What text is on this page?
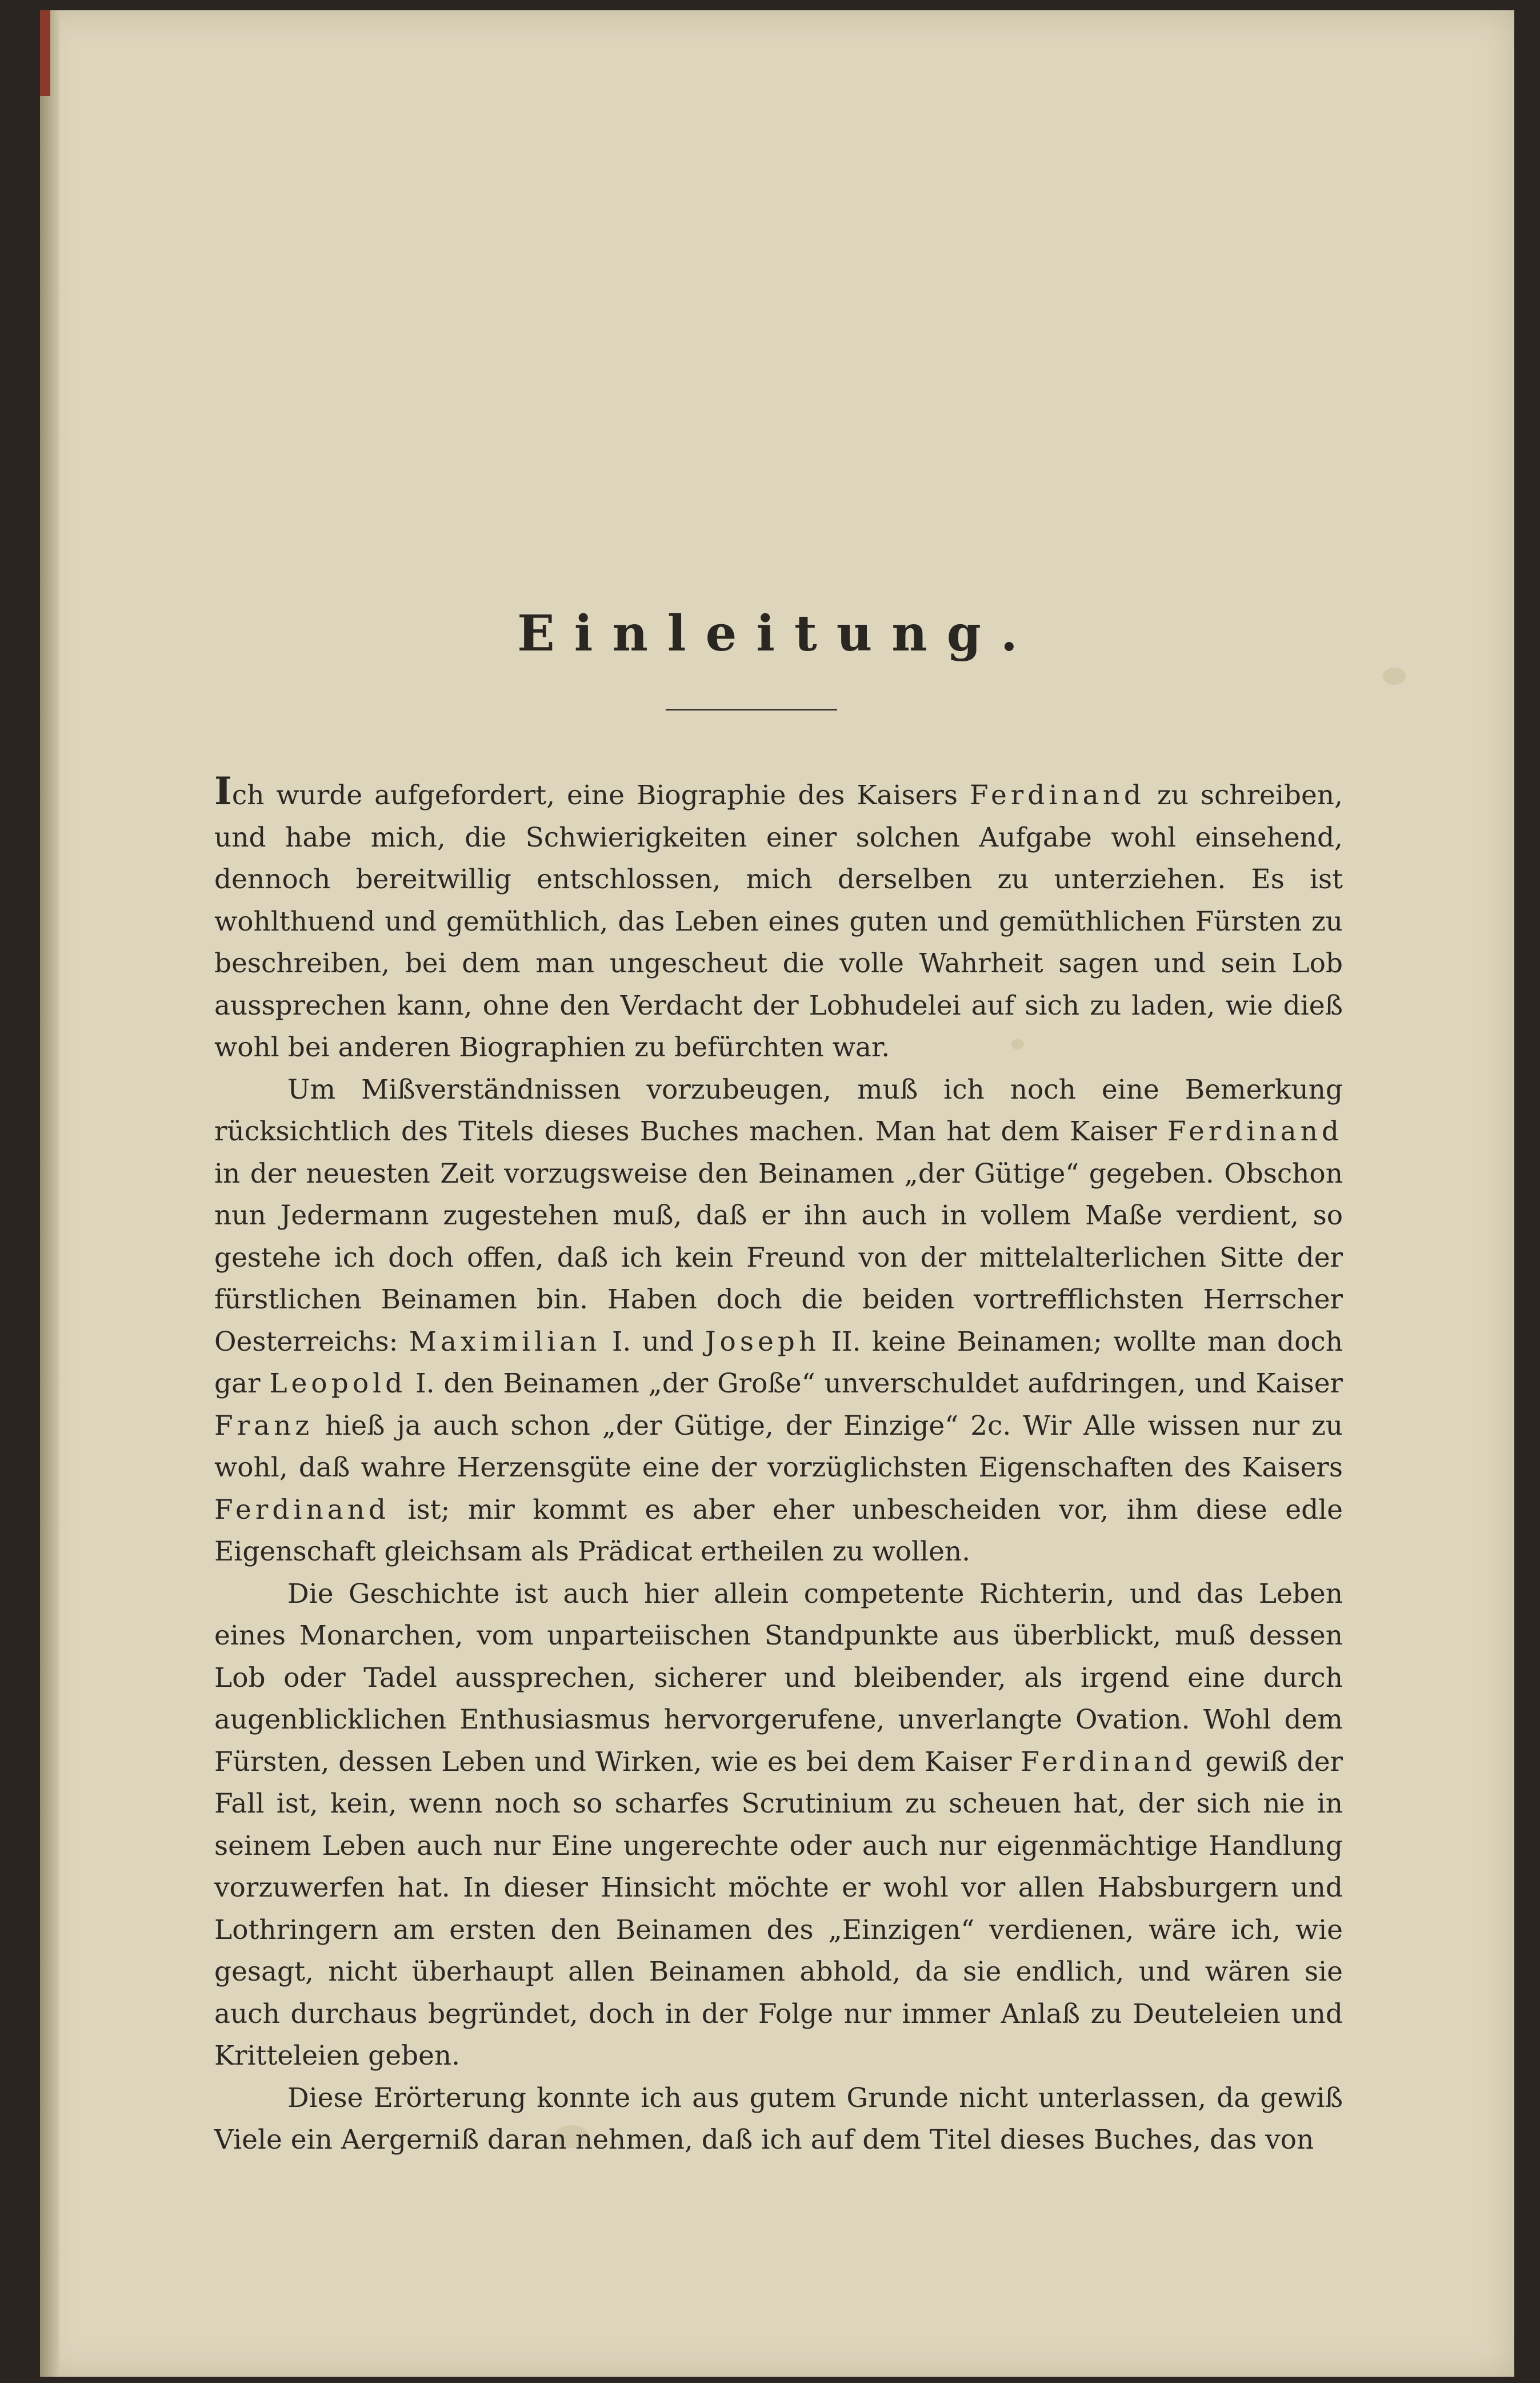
Einleitung.

Ich wurde aufgefordert, eine Biographie des Kaisers Ferdinand zu schreiben, und habe mich, die Schwierigkeiten einer solchen Aufgabe wohl einsehend, dennoch bereitwillig entschlossen, mich derselben zu unterziehen. Es ist wohlthuend und gemüthlich, das Leben eines guten und gemüthlichen Fürsten zu beschreiben, bei dem man ungescheut die volle Wahrheit sagen und sein Lob aussprechen kann, ohne den Verdacht der Lobhudelei auf sich zu laden, wie dieß wohl bei anderen Biographien zu befürchten war.

Um Mißverständnissen vorzubeugen, muß ich noch eine Bemerkung rücksichtlich des Titels dieses Buches machen. Man hat dem Kaiser Ferdinand in der neuesten Zeit vorzugsweise den Beinamen „der Gütige“ gegeben. Obschon nun Jedermann zugestehen muß, daß er ihn auch in vollem Maße verdient, so gestehe ich doch offen, daß ich kein Freund von der mittelalterlichen Sitte der fürstlichen Beinamen bin. Haben doch die beiden vortrefflichsten Herrscher Oesterreichs: Maximilian I. und Joseph II. keine Beinamen; wollte man doch gar Leopold I. den Beinamen „der Große“ unverschuldet aufdringen, und Kaiser Franz hieß ja auch schon „der Gütige, der Einzige“ 2c. Wir Alle wissen nur zu wohl, daß wahre Herzensgüte eine der vorzüglichsten Eigenschaften des Kaisers Ferdinand ist; mir kommt es aber eher unbescheiden vor, ihm diese edle Eigenschaft gleichsam als Prädicat ertheilen zu wollen.

Die Geschichte ist auch hier allein competente Richterin, und das Leben eines Monarchen, vom unparteiischen Standpunkte aus überblickt, muß dessen Lob oder Tadel aussprechen, sicherer und bleibender, als irgend eine durch augenblicklichen Enthusiasmus hervorgerufene, unverlangte Ovation. Wohl dem Fürsten, dessen Leben und Wirken, wie es bei dem Kaiser Ferdinand gewiß der Fall ist, kein, wenn noch so scharfes Scrutinium zu scheuen hat, der sich nie in seinem Leben auch nur Eine ungerechte oder auch nur eigenmächtige Handlung vorzuwerfen hat. In dieser Hinsicht möchte er wohl vor allen Habsburgern und Lothringern am ersten den Beinamen des „Einzigen“ verdienen, wäre ich, wie gesagt, nicht überhaupt allen Beinamen abhold, da sie endlich, und wären sie auch durchaus begründet, doch in der Folge nur immer Anlaß zu Deuteleien und Kritteleien geben.

Diese Erörterung konnte ich aus gutem Grunde nicht unterlassen, da gewiß Viele ein Aergerniß daran nehmen, daß ich auf dem Titel dieses Buches, das von
